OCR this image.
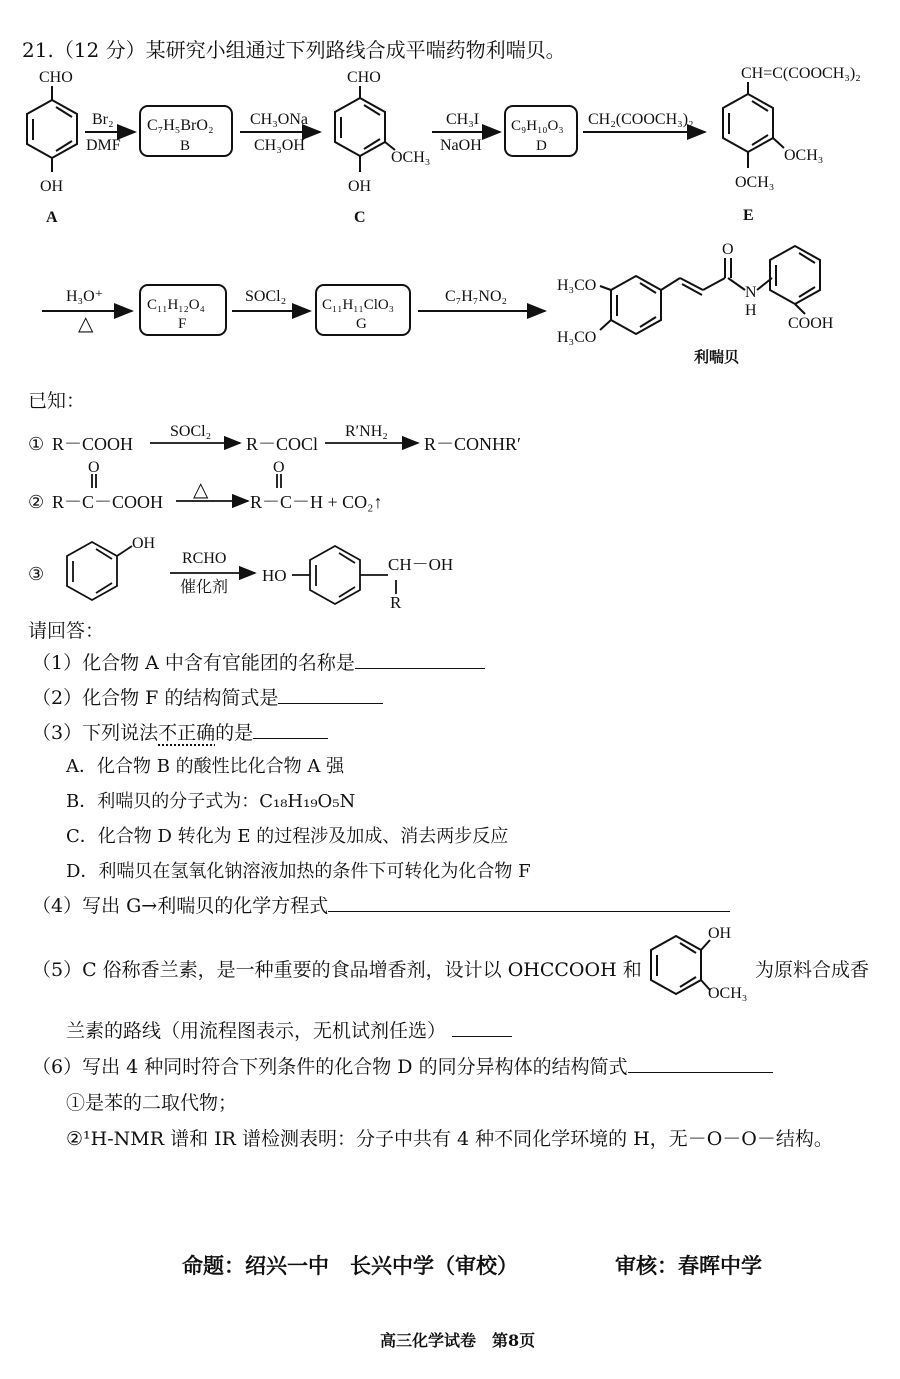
21.（12 分）某研究小组通过下列路线合成平喘药物利喘贝。
CHO
OH
A
Br₂
DMF
C₇H₅BrO₂
B
CH₃ONa
CH₃OH
CHO
OH
OCH₃
C
CH₃I
NaOH
C₉H₁₀O₃
D
CH₂(COOCH₃)₂
CH=C(COOCH₃)₂
OCH₃
OCH₃
E
H₃O⁺
△
C₁₁H₁₂O₄
F
SOCl₂ C₁₁H₁₁ClO₃
G
C₇H₇NO₂
H₃CO
H₃CO
O
N
H
COOH
利喘贝
已知：
① R－COOH
SOCl₂
R－COCl
R′NH₂
R－CONHR′
O
② R－C－COOH
△
O
R－C－H + CO₂↑
③
OH
RCHO
催化剂
HO
CH－OH
R
请回答：
（1）化合物 A 中含有官能团的名称是
（2）化合物 F 的结构简式是
（3）下列说法不正确的是
A．化合物 B 的酸性比化合物 A 强
B．利喘贝的分子式为：C₁₈H₁₉O₅N
C．化合物 D 转化为 E 的过程涉及加成、消去两步反应
D．利喘贝在氢氧化钠溶液加热的条件下可转化为化合物 F
（4）写出 G→利喘贝的化学方程式
（5）C 俗称香兰素，是一种重要的食品增香剂，设计以 OHCCOOH 和
OH
OCH₃
为原料合成香
兰素的路线（用流程图表示，无机试剂任选）
（6）写出 4 种同时符合下列条件的化合物 D 的同分异构体的结构简式
①是苯的二取代物；
②¹H-NMR 谱和 IR 谱检测表明：分子中共有 4 种不同化学环境的 H，无－O－O－结构。
命题：绍兴一中　长兴中学（审校）	审核：春晖中学
高三化学试卷　第8页
